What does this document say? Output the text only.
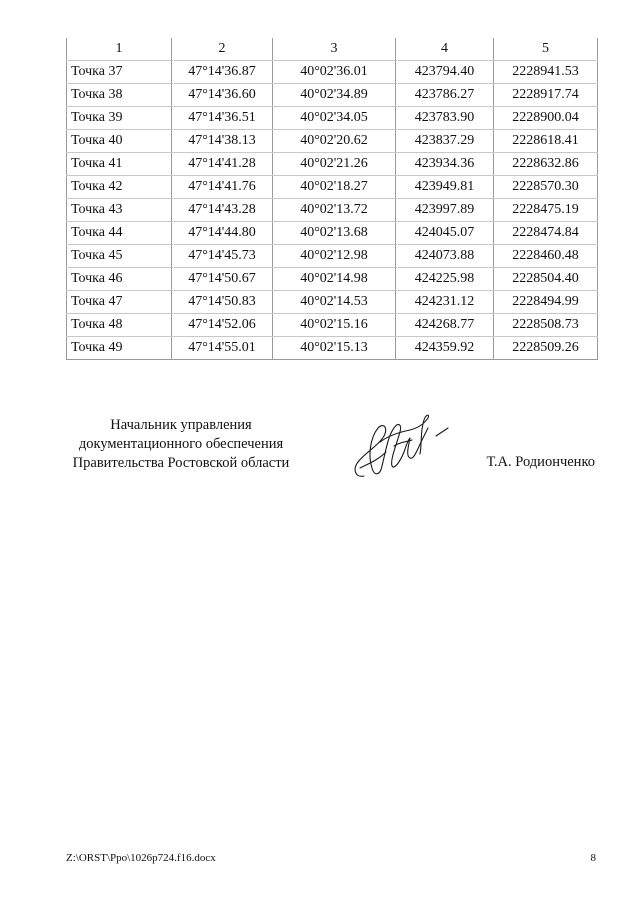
1	2	3	4	5
Точка 37	47°14'36.87	40°02'36.01	423794.40	2228941.53
Точка 38	47°14'36.60	40°02'34.89	423786.27	2228917.74
Точка 39	47°14'36.51	40°02'34.05	423783.90	2228900.04
Точка 40	47°14'38.13	40°02'20.62	423837.29	2228618.41
Точка 41	47°14'41.28	40°02'21.26	423934.36	2228632.86
Точка 42	47°14'41.76	40°02'18.27	423949.81	2228570.30
Точка 43	47°14'43.28	40°02'13.72	423997.89	2228475.19
Точка 44	47°14'44.80	40°02'13.68	424045.07	2228474.84
Точка 45	47°14'45.73	40°02'12.98	424073.88	2228460.48
Точка 46	47°14'50.67	40°02'14.98	424225.98	2228504.40
Точка 47	47°14'50.83	40°02'14.53	424231.12	2228494.99
Точка 48	47°14'52.06	40°02'15.16	424268.77	2228508.73
Точка 49	47°14'55.01	40°02'15.13	424359.92	2228509.26
Начальник управления
документационного обеспечения
Правительства Ростовской области	Т.А. Родионченко
Z:\ORST\Ppo\1026p724.f16.docx	8
